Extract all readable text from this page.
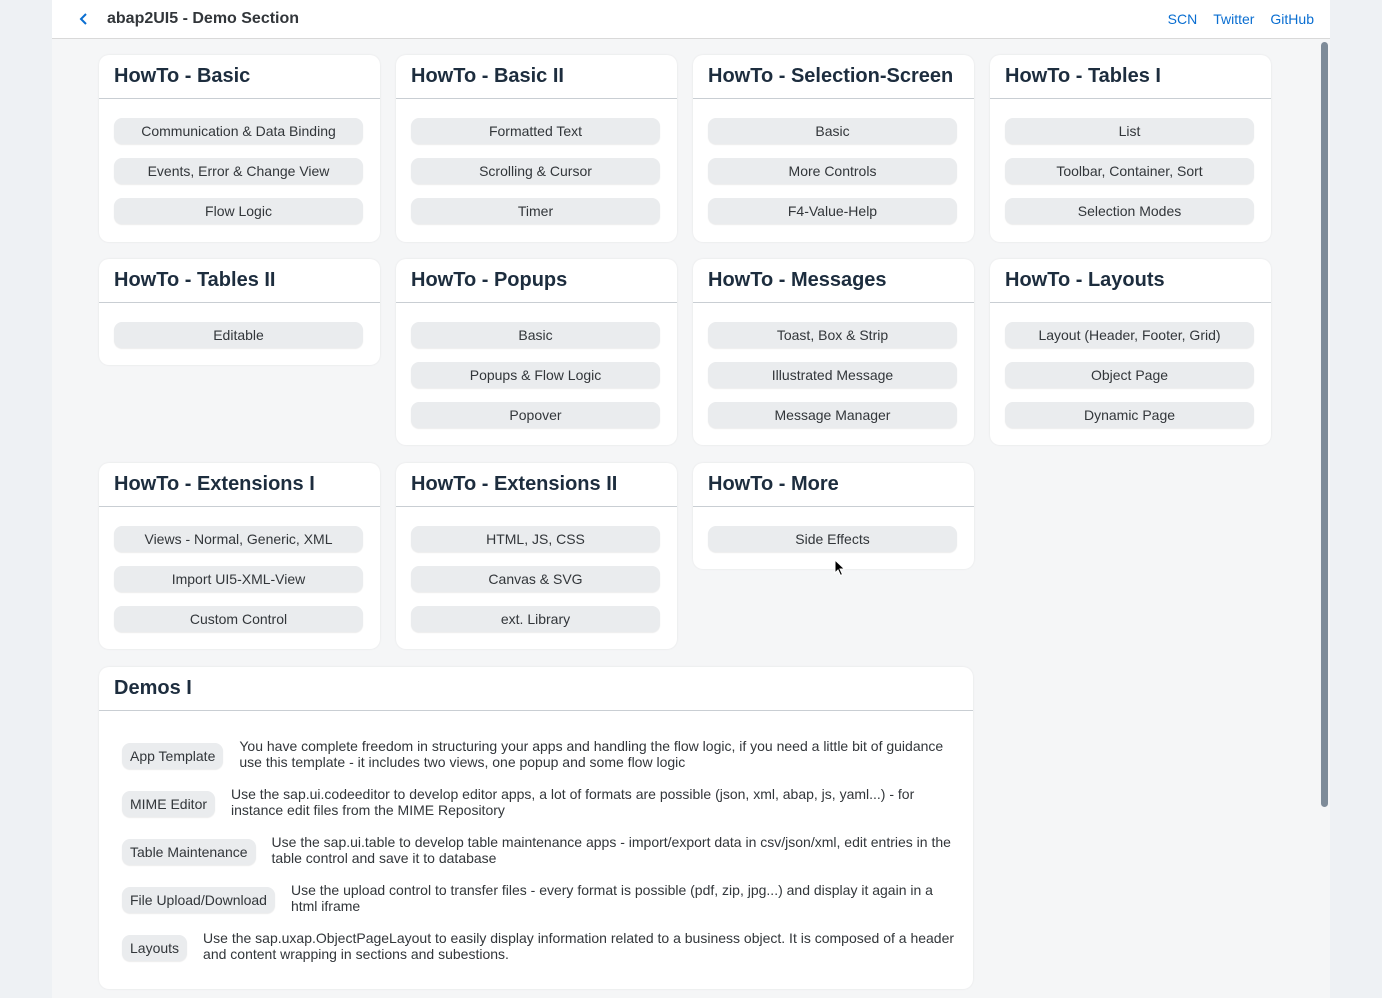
abap2UI5 - Demo Section	SCN Twitter GitHub
HowTo - Basic
Communication & Data Binding
Events, Error & Change View
Flow Logic
HowTo - Basic II
Formatted Text
Scrolling & Cursor
Timer
HowTo - Selection-Screen
Basic
More Controls
F4-Value-Help
HowTo - Tables I
List
Toolbar, Container, Sort
Selection Modes
HowTo - Tables II
Editable
HowTo - Popups
Basic
Popups & Flow Logic
Popover
HowTo - Messages
Toast, Box & Strip
Illustrated Message
Message Manager
HowTo - Layouts
Layout (Header, Footer, Grid)
Object Page
Dynamic Page
HowTo - Extensions I
Views - Normal, Generic, XML
Import UI5-XML-View
Custom Control
HowTo - Extensions II
HTML, JS, CSS
Canvas & SVG
ext. Library
HowTo - More
Side Effects
Demos I
App Template
You have complete freedom in structuring your apps and handling the flow logic, if you need a little bit of guidance
use this template - it includes two views, one popup and some flow logic
MIME Editor
Use the sap.ui.codeeditor to develop editor apps, a lot of formats are possible (json, xml, abap, js, yaml...) - for
instance edit files from the MIME Repository
Table Maintenance
Use the sap.ui.table to develop table maintenance apps - import/export data in csv/json/xml, edit entries in the
table control and save it to database
File Upload/Download
Use the upload control to transfer files - every format is possible (pdf, zip, jpg...) and display it again in a
html iframe
Layouts
Use the sap.uxap.ObjectPageLayout to easily display information related to a business object. It is composed of a header
and content wrapping in sections and subestions.
